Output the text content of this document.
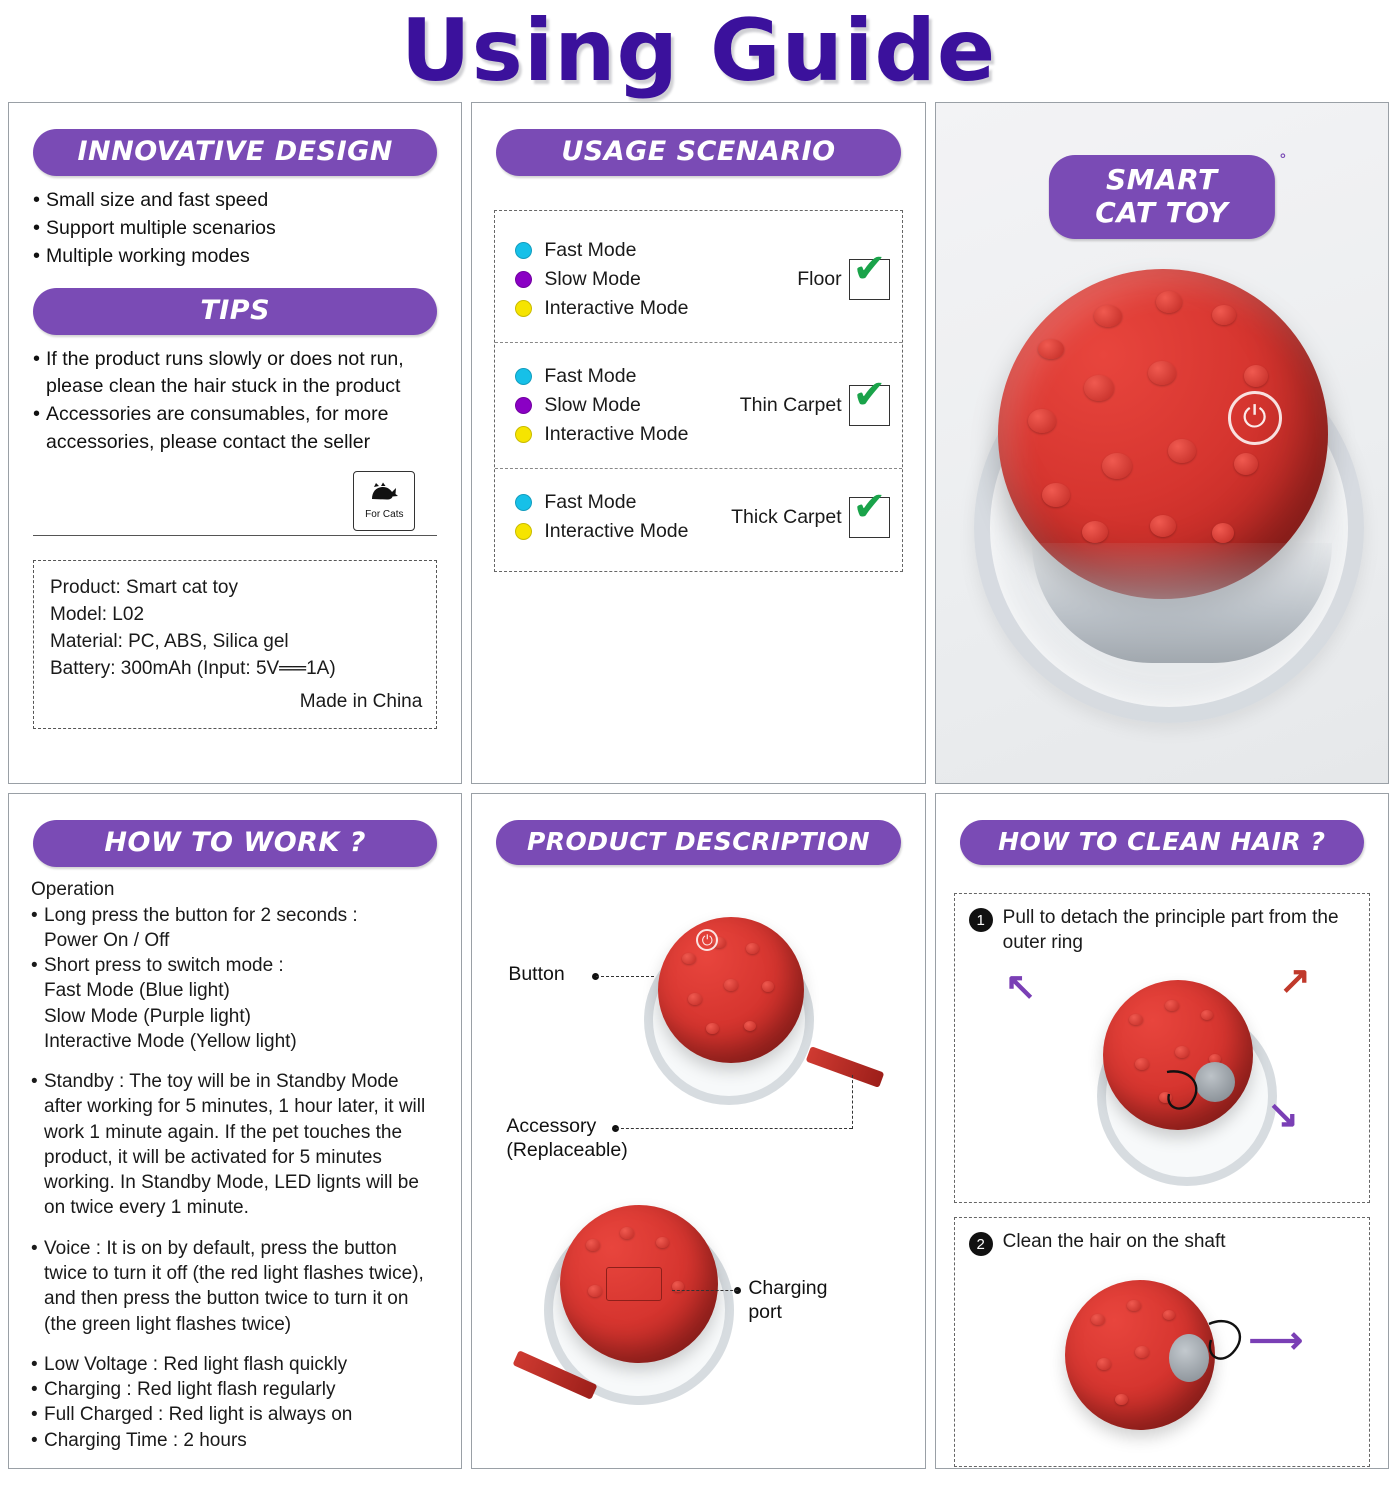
Using Guide
INNOVATIVE DESIGN
• Small size and fast speed
• Support multiple scenarios
• Multiple working modes
TIPS
• If the product runs slowly or does not run,
please clean the hair stuck in the product
• Accessories are consumables, for more
accessories, please contact the seller
For Cats
Product: Smart cat toy
Model: L02
Material: PC, ABS, Silica gel
Battery: 300mAh (Input: 5V══1A)
Made in China
USAGE SCENARIO
Fast Mode
Slow Mode
Interactive Mode
Floor ✔
Fast Mode
Slow Mode
Interactive Mode
Thin Carpet ✔
Fast Mode
Interactive Mode
Thick Carpet ✔
SMART CAT TOY
°
⏻
HOW TO WORK ?

Operation

• Long press the button for 2 seconds :

Power On / Off

• Short press to switch mode :

Fast Mode (Blue light)

Slow Mode (Purple light)

Interactive Mode (Yellow light)

• Standby : The toy will be in Standby Mode

after working for 5 minutes, 1 hour later, it will

work 1 minute again. If the pet touches the

product, it will be activated for 5 minutes

working. In Standby Mode, LED lignts will be

on twice every 1 minute.

• Voice : It is on by default, press the button

twice to turn it off (the red light flashes twice),

and then press the button twice to turn it on

(the green light flashes twice)

• Low Voltage : Red light flash quickly

• Charging : Red light flash regularly

• Full Charged : Red light is always on

• Charging Time : 2 hours

PRODUCT DESCRIPTION
⏻
Button
Accessory
(Replaceable)
Charging
port
HOW TO CLEAN HAIR ?
1 Pull to detach the principle part from the outer ring
↖	↗
↘
2 Clean the hair on the shaft
⟶
